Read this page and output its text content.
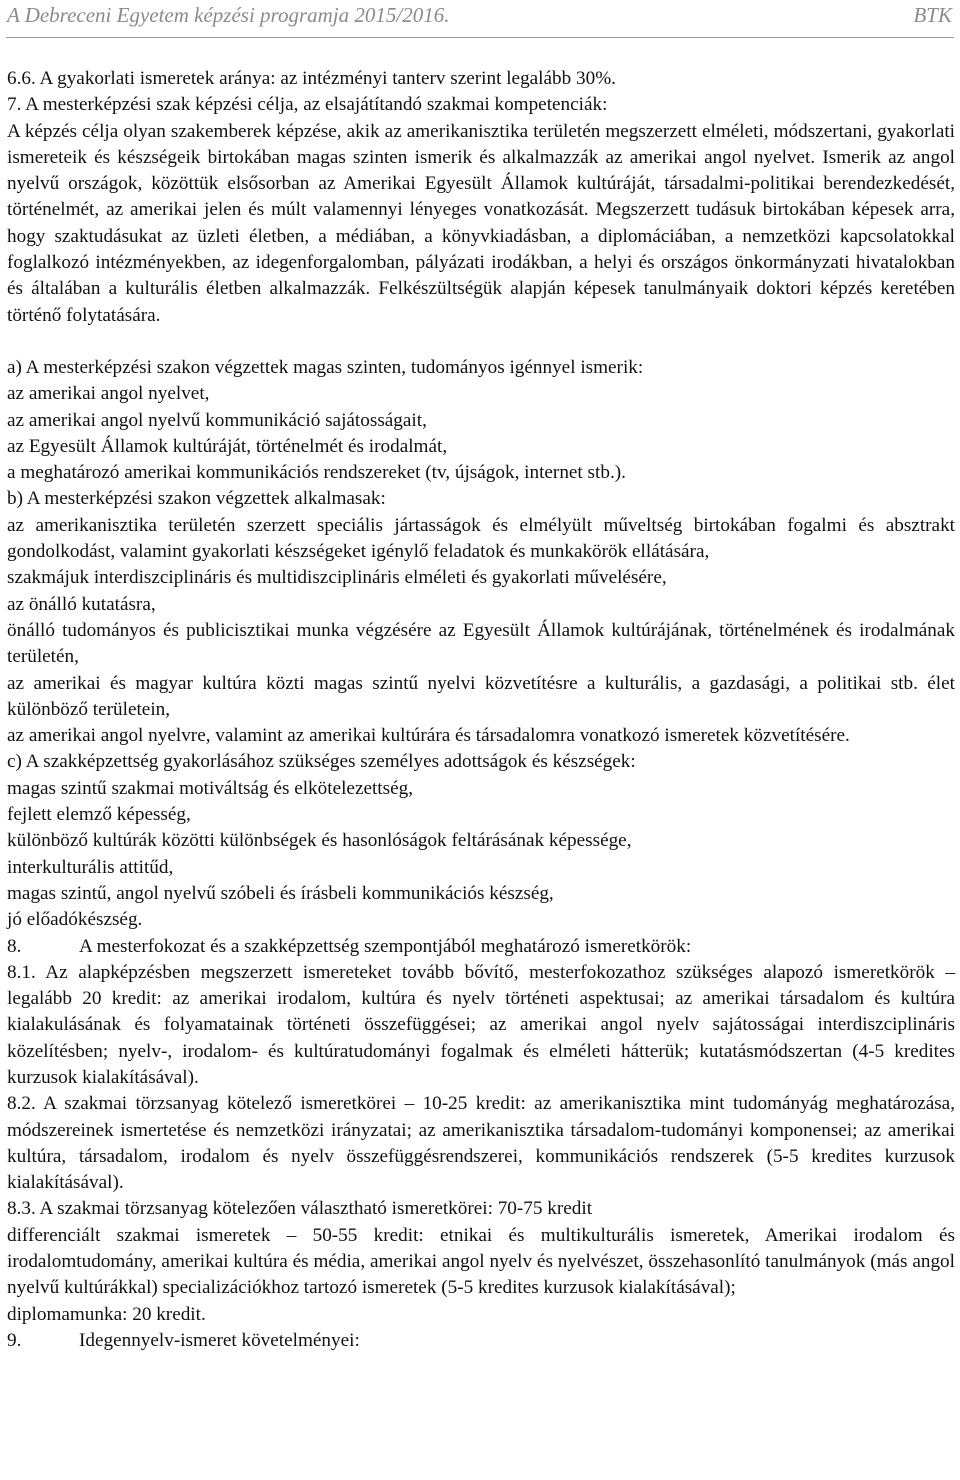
A Debreceni Egyetem képzési programja 2015/2016.	BTK

6.6. A gyakorlati ismeretek aránya: az intézményi tanterv szerint legalább 30%.

7. A mesterképzési szak képzési célja, az elsajátítandó szakmai kompetenciák:

A képzés célja olyan szakemberek képzése, akik az amerikanisztika területén megszerzett elméleti, módszertani, gyakorlati ismereteik és készségeik birtokában magas szinten ismerik és alkalmazzák az amerikai angol nyelvet. Ismerik az angol nyelvű országok, közöttük elsősorban az Amerikai Egyesült Államok kultúráját, társadalmi-politikai berendezkedését, történelmét, az amerikai jelen és múlt valamennyi lényeges vonatkozását. Megszerzett tudásuk birtokában képesek arra, hogy szaktudásukat az üzleti életben, a médiában, a könyvkiadásban, a diplomáciában, a nemzetközi kapcsolatokkal foglalkozó intézményekben, az idegenforgalomban, pályázati irodákban, a helyi és országos önkormányzati hivatalokban és általában a kulturális életben alkalmazzák. Felkészültségük alapján képesek tanulmányaik doktori képzés keretében történő folytatására.

a) A mesterképzési szakon végzettek magas szinten, tudományos igénnyel ismerik:

az amerikai angol nyelvet,

az amerikai angol nyelvű kommunikáció sajátosságait,

az Egyesült Államok kultúráját, történelmét és irodalmát,

a meghatározó amerikai kommunikációs rendszereket (tv, újságok, internet stb.).

b) A mesterképzési szakon végzettek alkalmasak:

az amerikanisztika területén szerzett speciális jártasságok és elmélyült műveltség birtokában fogalmi és absztrakt gondolkodást, valamint gyakorlati készségeket igénylő feladatok és munkakörök ellátására,

szakmájuk interdiszciplináris és multidiszciplináris elméleti és gyakorlati művelésére,

az önálló kutatásra,

önálló tudományos és publicisztikai munka végzésére az Egyesült Államok kultúrájának, történelmének és irodalmának területén,

az amerikai és magyar kultúra közti magas szintű nyelvi közvetítésre a kulturális, a gazdasági, a politikai stb. élet különböző területein,

az amerikai angol nyelvre, valamint az amerikai kultúrára és társadalomra vonatkozó ismeretek közvetítésére.

c) A szakképzettség gyakorlásához szükséges személyes adottságok és készségek:

magas szintű szakmai motiváltság és elkötelezettség,

fejlett elemző képesség,

különböző kultúrák közötti különbségek és hasonlóságok feltárásának képessége,

interkulturális attitűd,

magas szintű, angol nyelvű szóbeli és írásbeli kommunikációs készség,

jó előadókészség.

8.	A mesterfokozat és a szakképzettség szempontjából meghatározó ismeretkörök:

8.1. Az alapképzésben megszerzett ismereteket tovább bővítő, mesterfokozathoz szükséges alapozó ismeretkörök – legalább 20 kredit: az amerikai irodalom, kultúra és nyelv történeti aspektusai; az amerikai társadalom és kultúra kialakulásának és folyamatainak történeti összefüggései; az amerikai angol nyelv sajátosságai interdiszciplináris közelítésben; nyelv-, irodalom- és kultúratudományi fogalmak és elméleti hátterük; kutatásmódszertan (4-5 kredites kurzusok kialakításával).

8.2. A szakmai törzsanyag kötelező ismeretkörei – 10-25 kredit: az amerikanisztika mint tudományág meghatározása, módszereinek ismertetése és nemzetközi irányzatai; az amerikanisztika társadalom-tudományi komponensei; az amerikai kultúra, társadalom, irodalom és nyelv összefüggésrendszerei, kommunikációs rendszerek (5-5 kredites kurzusok kialakításával).

8.3. A szakmai törzsanyag kötelezően választható ismeretkörei: 70-75 kredit

differenciált szakmai ismeretek – 50-55 kredit: etnikai és multikulturális ismeretek, Amerikai irodalom és irodalomtudomány, amerikai kultúra és média, amerikai angol nyelv és nyelvészet, összehasonlító tanulmányok (más angol nyelvű kultúrákkal) specializációkhoz tartozó ismeretek (5-5 kredites kurzusok kialakításával);

diplomamunka: 20 kredit.

9.	Idegennyelv-ismeret követelményei:
